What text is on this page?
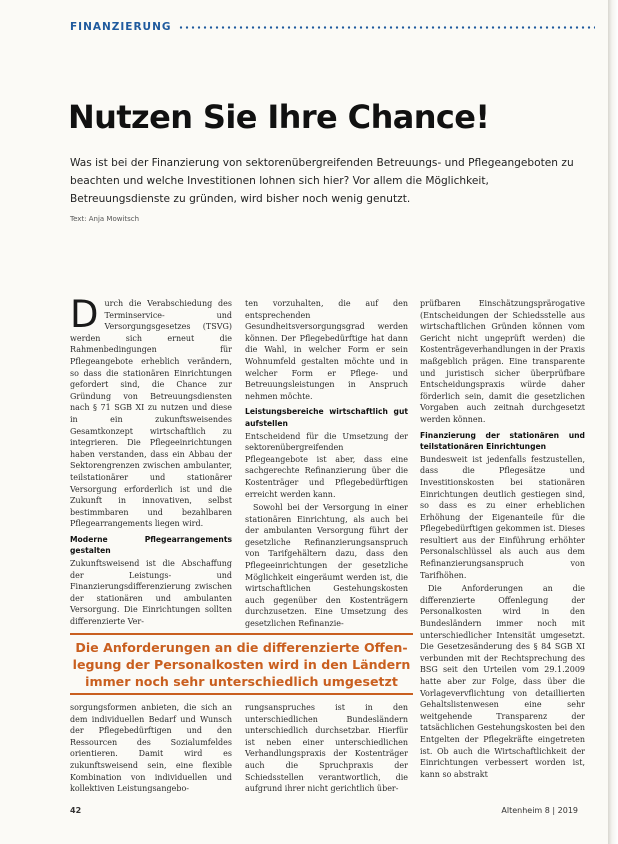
FINANZIERUNG
Nutzen Sie Ihre Chance!

Was ist bei der Finanzierung von sektorenübergreifenden Betreuungs- und Pflegeangeboten zu beachten und welche Investitionen lohnen sich hier? Vor allem die Möglichkeit, Betreuungsdienste zu gründen, wird bisher noch wenig genutzt.

Text: Anja Mowitsch

Durch die Verabschiedung des Terminservice- und Versorgungsgesetzes (TSVG) werden sich erneut die Rahmenbedingungen für Pflegeangebote erheblich verändern, so dass die stationären Einrichtungen gefordert sind, die Chance zur Gründung von Betreuungsdiensten nach § 71 SGB XI zu nutzen und diese in ein zukunftsweisendes Gesamtkonzept wirtschaftlich zu integrieren. Die Pflegeeinrichtungen haben verstanden, dass ein Abbau der Sektorengrenzen zwischen ambulanter, teilstationärer und stationärer Versorgung erforderlich ist und die Zukunft in innovativen, selbst bestimmbaren und bezahlbaren Pflegearrangements liegen wird.

Moderne Pflegearrangements gestalten

Zukunftsweisend ist die Abschaffung der Leistungs- und Finanzierungsdifferenzierung zwischen der stationären und ambulanten Versorgung. Die Einrichtungen sollten differenzierte Ver-

ten vorzuhalten, die auf den entsprechenden Gesundheitsversorgungsgrad werden können. Der Pflegebedürftige hat dann die Wahl, in welcher Form er sein Wohnumfeld gestalten möchte und in welcher Form er Pflege- und Betreuungsleistungen in Anspruch nehmen möchte.

Leistungsbereiche wirtschaftlich gut aufstellen

Entscheidend für die Umsetzung der sektorenübergreifenden Pflegeangebote ist aber, dass eine sachgerechte Refinanzierung über die Kostenträger und Pflegebedürftigen erreicht werden kann.

Sowohl bei der Versorgung in einer stationären Einrichtung, als auch bei der ambulanten Versorgung führt der gesetzliche Refinanzierungsanspruch von Tarifgehältern dazu, dass den Pflegeeinrichtungen der gesetzliche Möglichkeit eingeräumt werden ist, die wirtschaftlichen Gestehungskosten auch gegenüber den Kostenträgern durchzusetzen. Eine Umsetzung des gesetzlichen Refinanzie-

prüfbaren Einschätzungsprärogative (Entscheidungen der Schiedsstelle aus wirtschaftlichen Gründen können vom Gericht nicht ungeprüft werden) die Kostenträgeverhandlungen in der Praxis maßgeblich prägen. Eine transparente und juristisch sicher überprüfbare Entscheidungspraxis würde daher förderlich sein, damit die gesetzlichen Vorgaben auch zeitnah durchgesetzt werden können.

Finanzierung der stationären und teilstationären Einrichtungen

Bundesweit ist jedenfalls festzustellen, dass die Pflegesätze und Investitionskosten bei stationären Einrichtungen deutlich gestiegen sind, so dass es zu einer erheblichen Erhöhung der Eigenanteile für die Pflegebedürftigen gekommen ist. Dieses resultiert aus der Einführung erhöhter Personalschlüssel als auch aus dem Refinanzierungsanspruch von Tarifhöhen.

Die Anforderungen an die differenzierte Offenlegung der Personalkosten wird in den Bundesländern immer noch mit unterschiedlicher Intensität umgesetzt. Die Gesetzesänderung des § 84 SGB XI verbunden mit der Rechtsprechung des BSG seit den Urteilen vom 29.1.2009 hatte aber zur Folge, dass über die Vorlagevervflichtung von detaillierten Gehaltslistenwesen eine sehr weitgehende Transparenz der tatsächlichen Gestehungskosten bei den Entgelten der Pflegekräfte eingetreten ist. Ob auch die Wirtschaftlichkeit der Einrichtungen verbessert worden ist, kann so abstrakt

Die Anforderungen an die differenzierte Offen-
legung der Personalkosten wird in den Ländern
immer noch sehr unterschiedlich umgesetzt

sorgungsformen anbieten, die sich an dem individuellen Bedarf und Wunsch der Pflegebedürftigen und den Ressourcen des Sozialumfeldes orientieren. Damit wird es zukunftsweisend sein, eine flexible Kombination von individuellen und kollektiven Leistungsangebo-

rungsanspruches ist in den unterschiedlichen Bundesländern unterschiedlich durchsetzbar. Hierfür ist neben einer unterschiedlichen Verhandlungspraxis der Kostenträger auch die Spruchpraxis der Schiedsstellen verantwortlich, die aufgrund ihrer nicht gerichtlich über-

42	Altenheim 8 | 2019
